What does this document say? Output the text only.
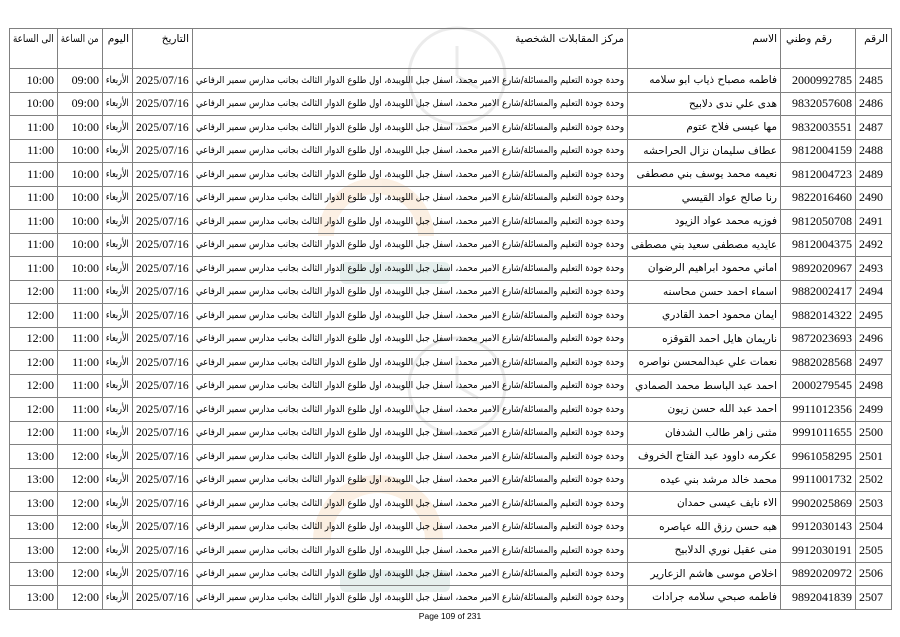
الرقم	رقم وطني	الاسم	مركز المقابلات الشخصية	التاريخ	اليوم	من الساعة	الى الساعة
2485	2000992785	فاطمه مصباح ذياب ابو سلامه	وحدة جودة التعليم والمسائلة/شارع الامير محمد، اسفل جبل اللويبدة، اول طلوع الدوار الثالث بجانب مدارس سمير الرفاعي	2025/07/16	الأربعاء	09:00	10:00
2486	9832057608	هدى علي ندى دلابيح	وحدة جودة التعليم والمسائلة/شارع الامير محمد، اسفل جبل اللويبدة، اول طلوع الدوار الثالث بجانب مدارس سمير الرفاعي	2025/07/16	الأربعاء	09:00	10:00
2487	9832003551	مها عيسى فلاح عتوم	وحدة جودة التعليم والمسائلة/شارع الامير محمد، اسفل جبل اللويبدة، اول طلوع الدوار الثالث بجانب مدارس سمير الرفاعي	2025/07/16	الأربعاء	10:00	11:00
2488	9812004159	عطاف سليمان نزال الحراحشه	وحدة جودة التعليم والمسائلة/شارع الامير محمد، اسفل جبل اللويبدة، اول طلوع الدوار الثالث بجانب مدارس سمير الرفاعي	2025/07/16	الأربعاء	10:00	11:00
2489	9812004723	نعيمه محمد يوسف بني مصطفى	وحدة جودة التعليم والمسائلة/شارع الامير محمد، اسفل جبل اللويبدة، اول طلوع الدوار الثالث بجانب مدارس سمير الرفاعي	2025/07/16	الأربعاء	10:00	11:00
2490	9822016460	رنا صالح عواد القيسي	وحدة جودة التعليم والمسائلة/شارع الامير محمد، اسفل جبل اللويبدة، اول طلوع الدوار الثالث بجانب مدارس سمير الرفاعي	2025/07/16	الأربعاء	10:00	11:00
2491	9812050708	فوزيه محمد عواد الزيود	وحدة جودة التعليم والمسائلة/شارع الامير محمد، اسفل جبل اللويبدة، اول طلوع الدوار الثالث بجانب مدارس سمير الرفاعي	2025/07/16	الأربعاء	10:00	11:00
2492	9812004375	عايديه مصطفى سعيد بني مصطفى	وحدة جودة التعليم والمسائلة/شارع الامير محمد، اسفل جبل اللويبدة، اول طلوع الدوار الثالث بجانب مدارس سمير الرفاعي	2025/07/16	الأربعاء	10:00	11:00
2493	9892020967	اماني محمود ابراهيم الرضوان	وحدة جودة التعليم والمسائلة/شارع الامير محمد، اسفل جبل اللويبدة، اول طلوع الدوار الثالث بجانب مدارس سمير الرفاعي	2025/07/16	الأربعاء	10:00	11:00
2494	9882002417	اسماء احمد حسن محاسنه	وحدة جودة التعليم والمسائلة/شارع الامير محمد، اسفل جبل اللويبدة، اول طلوع الدوار الثالث بجانب مدارس سمير الرفاعي	2025/07/16	الأربعاء	11:00	12:00
2495	9882014322	ايمان محمود احمد القادري	وحدة جودة التعليم والمسائلة/شارع الامير محمد، اسفل جبل اللويبدة، اول طلوع الدوار الثالث بجانب مدارس سمير الرفاعي	2025/07/16	الأربعاء	11:00	12:00
2496	9872023693	ناريمان هايل احمد القوقزه	وحدة جودة التعليم والمسائلة/شارع الامير محمد، اسفل جبل اللويبدة، اول طلوع الدوار الثالث بجانب مدارس سمير الرفاعي	2025/07/16	الأربعاء	11:00	12:00
2497	9882028568	نعمات علي عبدالمحسن نواصره	وحدة جودة التعليم والمسائلة/شارع الامير محمد، اسفل جبل اللويبدة، اول طلوع الدوار الثالث بجانب مدارس سمير الرفاعي	2025/07/16	الأربعاء	11:00	12:00
2498	2000279545	احمد عبد الباسط محمد الصمادي	وحدة جودة التعليم والمسائلة/شارع الامير محمد، اسفل جبل اللويبدة، اول طلوع الدوار الثالث بجانب مدارس سمير الرفاعي	2025/07/16	الأربعاء	11:00	12:00
2499	9911012356	احمد عبد الله حسن زيون	وحدة جودة التعليم والمسائلة/شارع الامير محمد، اسفل جبل اللويبدة، اول طلوع الدوار الثالث بجانب مدارس سمير الرفاعي	2025/07/16	الأربعاء	11:00	12:00
2500	9991011655	مثنى زاهر طالب الشدفان	وحدة جودة التعليم والمسائلة/شارع الامير محمد، اسفل جبل اللويبدة، اول طلوع الدوار الثالث بجانب مدارس سمير الرفاعي	2025/07/16	الأربعاء	11:00	12:00
2501	9961058295	عكرمه داوود عبد الفتاح الخروف	وحدة جودة التعليم والمسائلة/شارع الامير محمد، اسفل جبل اللويبدة، اول طلوع الدوار الثالث بجانب مدارس سمير الرفاعي	2025/07/16	الأربعاء	12:00	13:00
2502	9911001732	محمد خالد مرشد بني عيده	وحدة جودة التعليم والمسائلة/شارع الامير محمد، اسفل جبل اللويبدة، اول طلوع الدوار الثالث بجانب مدارس سمير الرفاعي	2025/07/16	الأربعاء	12:00	13:00
2503	9902025869	الاء نايف عيسى حمدان	وحدة جودة التعليم والمسائلة/شارع الامير محمد، اسفل جبل اللويبدة، اول طلوع الدوار الثالث بجانب مدارس سمير الرفاعي	2025/07/16	الأربعاء	12:00	13:00
2504	9912030143	هبه حسن رزق الله عياصره	وحدة جودة التعليم والمسائلة/شارع الامير محمد، اسفل جبل اللويبدة، اول طلوع الدوار الثالث بجانب مدارس سمير الرفاعي	2025/07/16	الأربعاء	12:00	13:00
2505	9912030191	منى عقيل نوري الدلابيح	وحدة جودة التعليم والمسائلة/شارع الامير محمد، اسفل جبل اللويبدة، اول طلوع الدوار الثالث بجانب مدارس سمير الرفاعي	2025/07/16	الأربعاء	12:00	13:00
2506	9892020972	اخلاص موسى هاشم الزعارير	وحدة جودة التعليم والمسائلة/شارع الامير محمد، اسفل جبل اللويبدة، اول طلوع الدوار الثالث بجانب مدارس سمير الرفاعي	2025/07/16	الأربعاء	12:00	13:00
2507	9892041839	فاطمه صبحي سلامه جرادات	وحدة جودة التعليم والمسائلة/شارع الامير محمد، اسفل جبل اللويبدة، اول طلوع الدوار الثالث بجانب مدارس سمير الرفاعي	2025/07/16	الأربعاء	12:00	13:00
Page 109 of 231
